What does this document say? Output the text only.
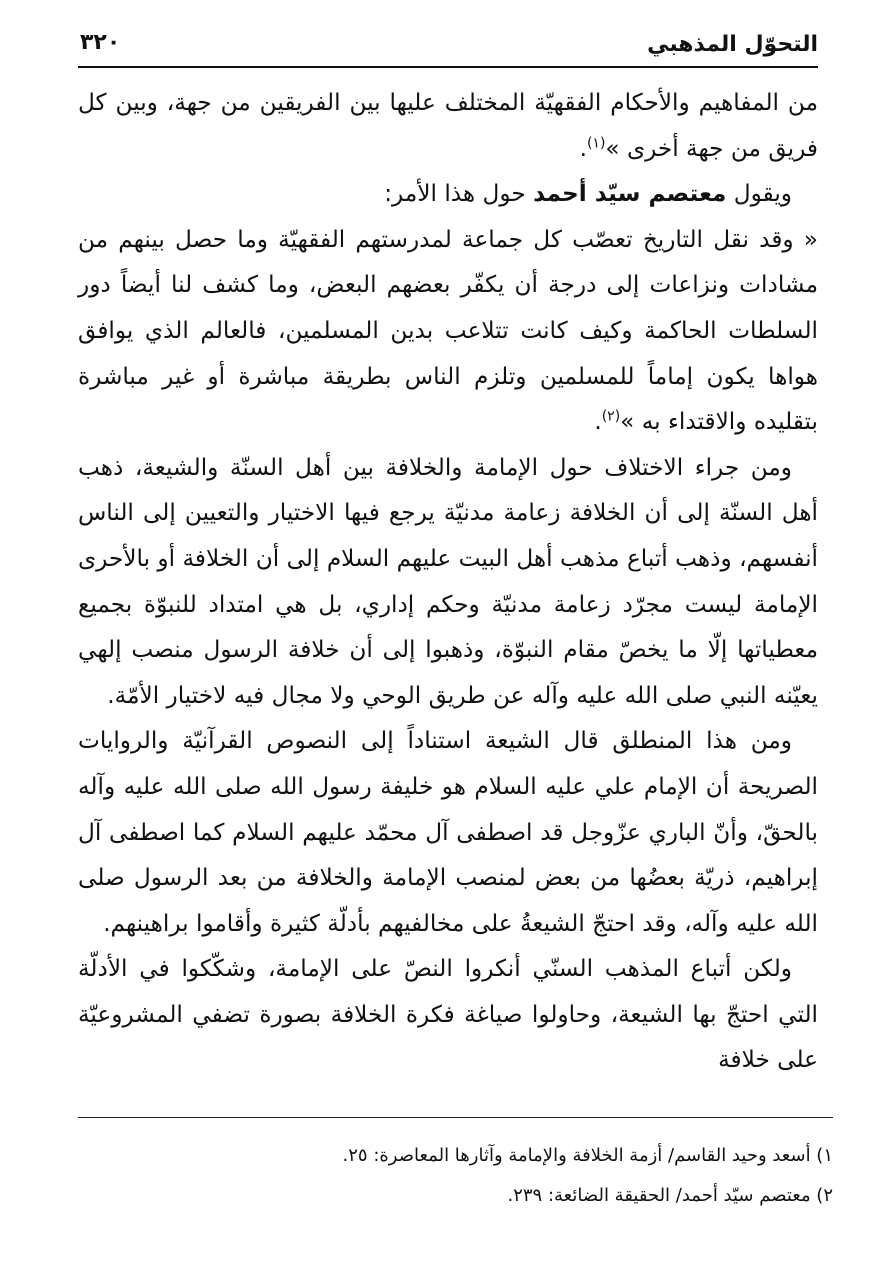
التحوّل المذهبي
٣٢٠

من المفاهيم والأحكام الفقهيّة المختلف عليها بين الفريقين من جهة، وبين كل فريق من جهة أخرى »$^{(١)}$.

ويقول معتصم سيّد أحمد حول هذا الأمر:

« وقد نقل التاريخ تعصّب كل جماعة لمدرستهم الفقهيّة وما حصل بينهم من مشادات ونزاعات إلى درجة أن يكفّر بعضهم البعض، وما كشف لنا أيضاً دور السلطات الحاكمة وكيف كانت تتلاعب بدين المسلمين، فالعالم الذي يوافق هواها يكون إماماً للمسلمين وتلزم الناس بطريقة مباشرة أو غير مباشرة بتقليده والاقتداء به »$^{(٢)}$.

ومن جراء الاختلاف حول الإمامة والخلافة بين أهل السنّة والشيعة، ذهب أهل السنّة إلى أن الخلافة زعامة مدنيّة يرجع فيها الاختيار والتعيين إلى الناس أنفسهم، وذهب أتباع مذهب أهل البيت عليهم السلام إلى أن الخلافة أو بالأحرى الإمامة ليست مجرّد زعامة مدنيّة وحكم إداري، بل هي امتداد للنبوّة بجميع معطياتها إلّا ما يخصّ مقام النبوّة، وذهبوا إلى أن خلافة الرسول منصب إلهي يعيّنه النبي صلى الله عليه وآله عن طريق الوحي ولا مجال فيه لاختيار الأمّة.

ومن هذا المنطلق قال الشيعة استناداً إلى النصوص القرآنيّة والروايات الصريحة أن الإمام علي عليه السلام هو خليفة رسول الله صلى الله عليه وآله بالحقّ، وأنّ الباري عزّوجل قد اصطفى آل محمّد عليهم السلام كما اصطفى آل إبراهيم، ذريّة بعضُها من بعض لمنصب الإمامة والخلافة من بعد الرسول صلى الله عليه وآله، وقد احتجّ الشيعةُ على مخالفيهم بأدلّة كثيرة وأقاموا براهينهم.

ولكن أتباع المذهب السنّي أنكروا النصّ على الإمامة، وشكّكوا في الأدلّة التي احتجّ بها الشيعة، وحاولوا صياغة فكرة الخلافة بصورة تضفي المشروعيّة على خلافة

١) أسعد وحيد القاسم/ أزمة الخلافة والإمامة وآثارها المعاصرة: ٢٥.
٢) معتصم سيّد أحمد/ الحقيقة الضائعة: ٢٣٩.
